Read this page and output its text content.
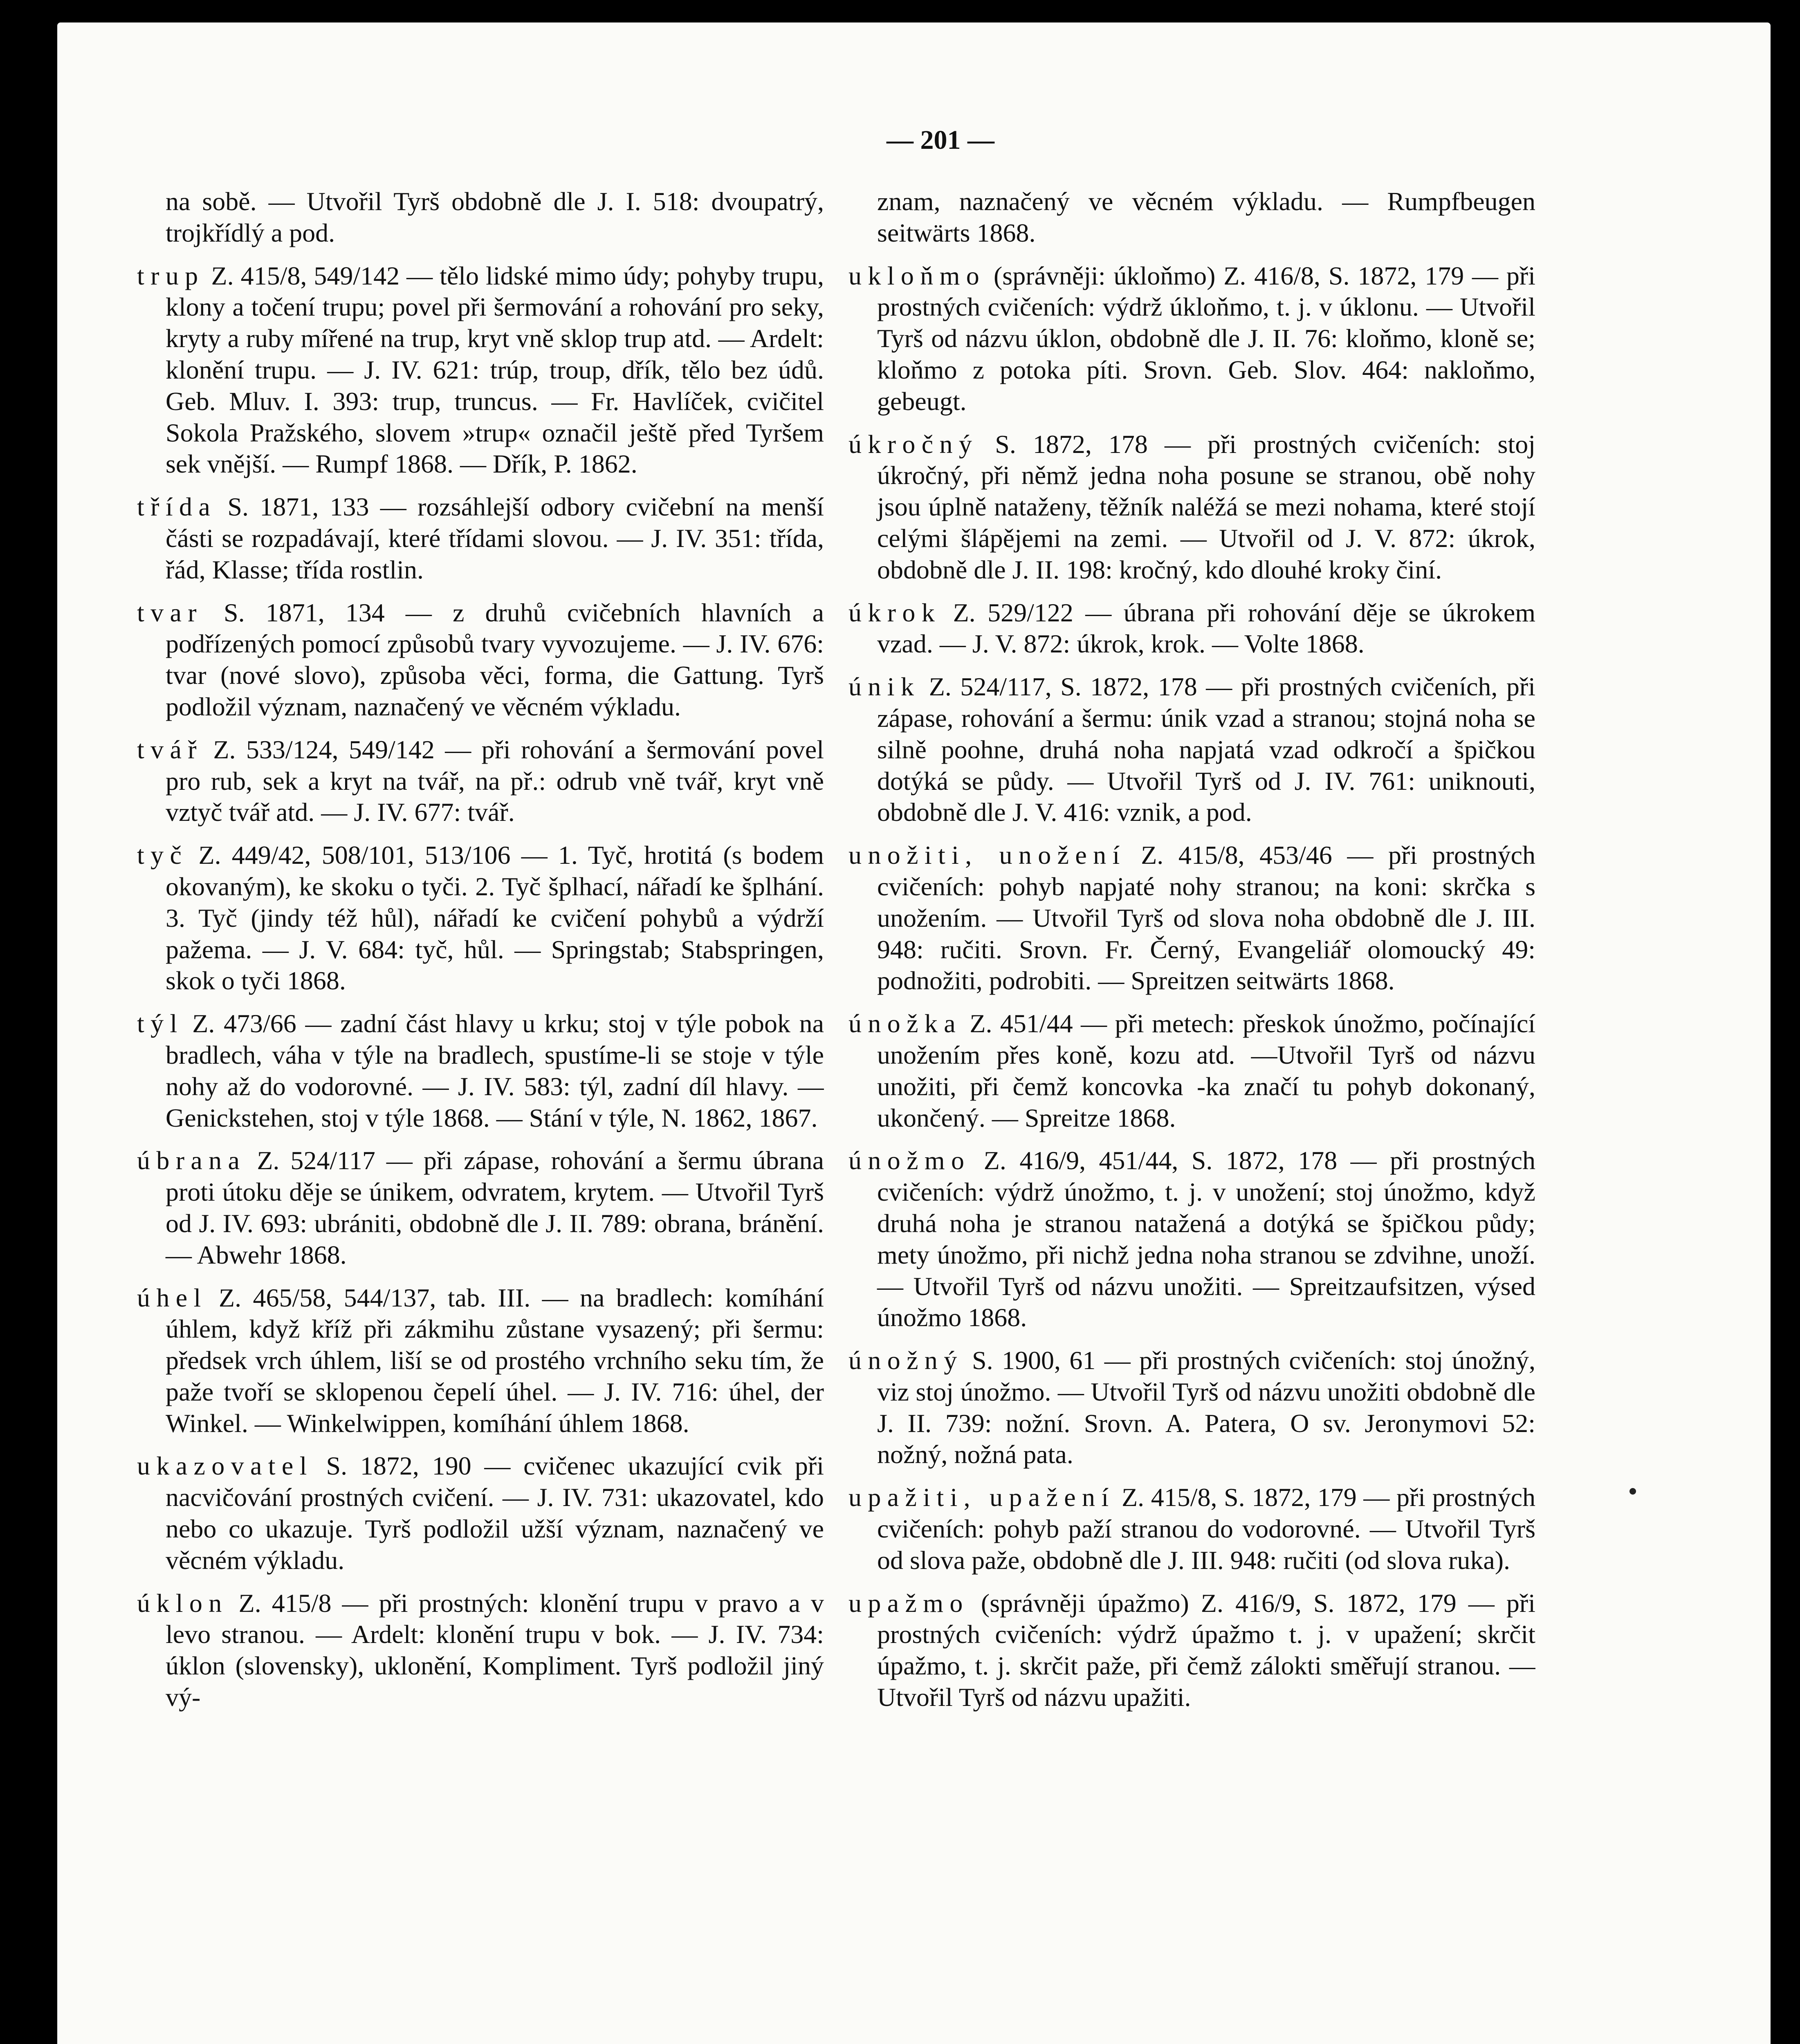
— 201 —

na sobě. — Utvořil Tyrš obdobně dle J. I. 518: dvoupatrý, trojkřídlý a pod.

trup Z. 415/8, 549/142 — tělo lidské mimo údy; pohyby trupu, klony a točení trupu; povel při šermování a rohování pro seky, kryty a ruby mířené na trup, kryt vně sklop trup atd. — Ardelt: klonění trupu. — J. IV. 621: trúp, troup, dřík, tělo bez údů. Geb. Mluv. I. 393: trup, truncus. — Fr. Havlíček, cvičitel Sokola Pražského, slovem »trup« označil ještě před Tyršem sek vnější. — Rumpf 1868. — Dřík, P. 1862.

třída S. 1871, 133 — rozsáhlejší odbory cvičební na menší části se rozpadávají, které třídami slovou. — J. IV. 351: třída, řád, Klasse; třída rostlin.

tvar S. 1871, 134 — z druhů cvičebních hlavních a podřízených pomocí způsobů tvary vyvozujeme. — J. IV. 676: tvar (nové slovo), způsoba věci, forma, die Gattung. Tyrš podložil význam, naznačený ve věcném výkladu.

tvář Z. 533/124, 549/142 — při rohování a šermování povel pro rub, sek a kryt na tvář, na př.: odrub vně tvář, kryt vně vztyč tvář atd. — J. IV. 677: tvář.

tyč Z. 449/42, 508/101, 513/106 — 1. Tyč, hrotitá (s bodem okovaným), ke skoku o tyči. 2. Tyč šplhací, nářadí ke šplhání. 3. Tyč (jindy též hůl), nářadí ke cvičení pohybů a výdrží pažema. — J. V. 684: tyč, hůl. — Springstab; Stabspringen, skok o tyči 1868.

týl Z. 473/66 — zadní část hlavy u krku; stoj v týle pobok na bradlech, váha v týle na bradlech, spustíme-li se stoje v týle nohy až do vodorovné. — J. IV. 583: týl, zadní díl hlavy. — Genickstehen, stoj v týle 1868. — Stání v týle, N. 1862, 1867.

úbrana Z. 524/117 — při zápase, rohování a šermu úbrana proti útoku děje se únikem, odvratem, krytem. — Utvořil Tyrš od J. IV. 693: ubrániti, obdobně dle J. II. 789: obrana, bránění. — Abwehr 1868.

úhel Z. 465/58, 544/137, tab. III. — na bradlech: komíhání úhlem, když kříž při zákmihu zůstane vysazený; při šermu: předsek vrch úhlem, liší se od prostého vrchního seku tím, že paže tvoří se sklopenou čepelí úhel. — J. IV. 716: úhel, der Winkel. — Winkelwippen, komíhání úhlem 1868.

ukazovatel S. 1872, 190 — cvičenec ukazující cvik při nacvičování prostných cvičení. — J. IV. 731: ukazovatel, kdo nebo co ukazuje. Tyrš podložil užší význam, naznačený ve věcném výkladu.

úklon Z. 415/8 — při prostných: klonění trupu v pravo a v levo stranou. — Ardelt: klonění trupu v bok. — J. IV. 734: úklon (slovensky), uklonění, Kompliment. Tyrš podložil jiný vý-

znam, naznačený ve věcném výkladu. — Rumpfbeugen seitwärts 1868.

ukloňmo (správněji: úkloňmo) Z. 416/8, S. 1872, 179 — při prostných cvičeních: výdrž úkloňmo, t. j. v úklonu. — Utvořil Tyrš od názvu úklon, obdobně dle J. II. 76: kloňmo, kloně se; kloňmo z potoka píti. Srovn. Geb. Slov. 464: nakloňmo, gebeugt.

úkročný S. 1872, 178 — při prostných cvičeních: stoj úkročný, při němž jedna noha posune se stranou, obě nohy jsou úplně nataženy, těžník naléžá se mezi nohama, které stojí celými šlápějemi na zemi. — Utvořil od J. V. 872: úkrok, obdobně dle J. II. 198: kročný, kdo dlouhé kroky činí.

úkrok Z. 529/122 — úbrana při rohování děje se úkrokem vzad. — J. V. 872: úkrok, krok. — Volte 1868.

únik Z. 524/117, S. 1872, 178 — při prostných cvičeních, při zápase, rohování a šermu: únik vzad a stranou; stojná noha se silně poohne, druhá noha napjatá vzad odkročí a špičkou dotýká se půdy. — Utvořil Tyrš od J. IV. 761: uniknouti, obdobně dle J. V. 416: vznik, a pod.

unožiti, unožení Z. 415/8, 453/46 — při prostných cvičeních: pohyb napjaté nohy stranou; na koni: skrčka s unožením. — Utvořil Tyrš od slova noha obdobně dle J. III. 948: ručiti. Srovn. Fr. Černý, Evangeliář olomoucký 49: podnožiti, podrobiti. — Spreitzen seitwärts 1868.

únožka Z. 451/44 — při metech: přeskok únožmo, počínající unožením přes koně, kozu atd. —Utvořil Tyrš od názvu unožiti, při čemž koncovka -ka značí tu pohyb dokonaný, ukončený. — Spreitze 1868.

únožmo Z. 416/9, 451/44, S. 1872, 178 — při prostných cvičeních: výdrž únožmo, t. j. v unožení; stoj únožmo, když druhá noha je stranou natažená a dotýká se špičkou půdy; mety únožmo, při nichž jedna noha stranou se zdvihne, unoží. — Utvořil Tyrš od názvu unožiti. — Spreitzaufsitzen, výsed únožmo 1868.

únožný S. 1900, 61 — při prostných cvičeních: stoj únožný, viz stoj únožmo. — Utvořil Tyrš od názvu unožiti obdobně dle J. II. 739: nožní. Srovn. A. Patera, O sv. Jeronymovi 52: nožný, nožná pata.

upažiti, upažení Z. 415/8, S. 1872, 179 — při prostných cvičeních: pohyb paží stranou do vodorovné. — Utvořil Tyrš od slova paže, obdobně dle J. III. 948: ručiti (od slova ruka).

upažmo (správněji úpažmo) Z. 416/9, S. 1872, 179 — při prostných cvičeních: výdrž úpažmo t. j. v upažení; skrčit úpažmo, t. j. skrčit paže, při čemž zálokti směřují stranou. — Utvořil Tyrš od názvu upažiti.
